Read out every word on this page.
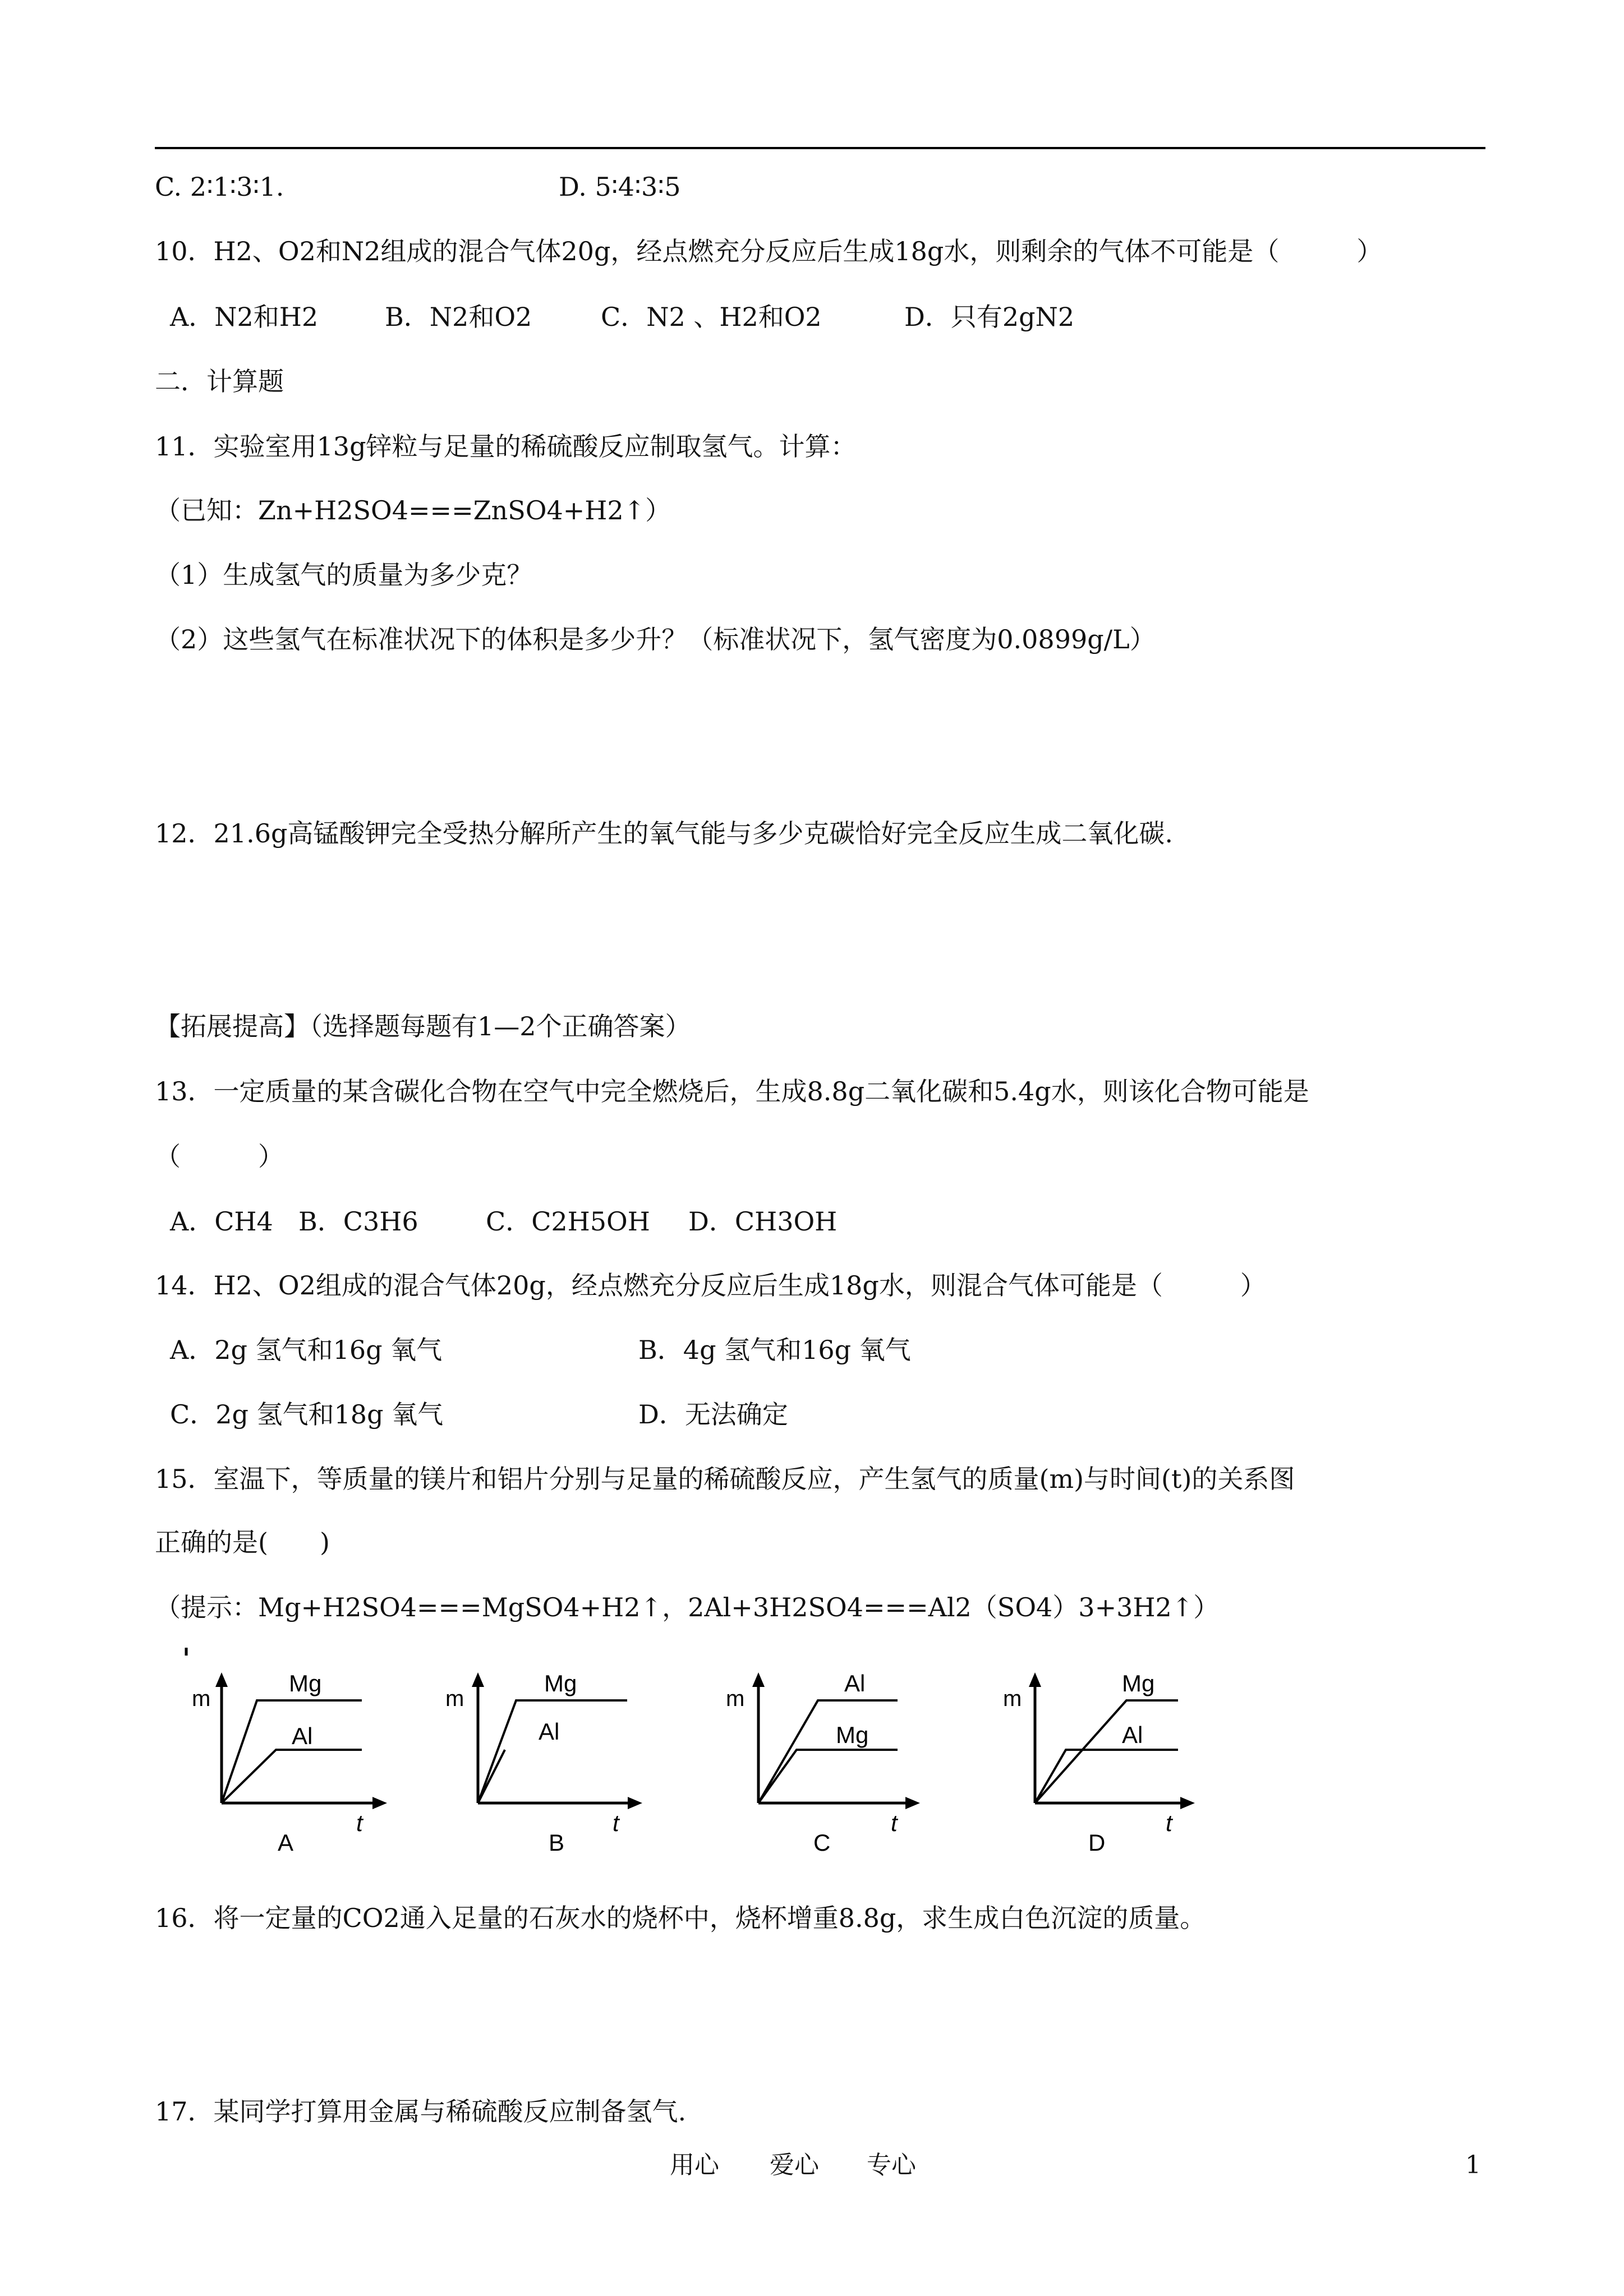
C. 2∶1∶3∶1.	D. 5∶4∶3∶5
10．H2、O2和N2组成的混合气体20g，经点燃充分反应后生成18g水，则剩余的气体不可能是（　　　）
A．N2和H2	B．N2和O2	C．N2 、H2和O2	D．只有2gN2
二．计算题
11．实验室用13g锌粒与足量的稀硫酸反应制取氢气。计算：
（已知：Zn+H2SO4===ZnSO4+H2↑）
（1）生成氢气的质量为多少克？
（2）这些氢气在标准状况下的体积是多少升？（标准状况下，氢气密度为0.0899g/L）
12．21.6g高锰酸钾完全受热分解所产生的氧气能与多少克碳恰好完全反应生成二氧化碳.
【拓展提高】（选择题每题有1—2个正确答案）
13．一定质量的某含碳化合物在空气中完全燃烧后，生成8.8g二氧化碳和5.4g水，则该化合物可能是
（　　　）
A．CH4 B．C3H6	C．C2H5OH D．CH3OH
14．H2、O2组成的混合气体20g，经点燃充分反应后生成18g水，则混合气体可能是（　　　）
A．2g 氢气和16g 氧气	B．4g 氢气和16g 氧气
C．2g 氢气和18g 氧气	D．无法确定
15．室温下，等质量的镁片和铝片分别与足量的稀硫酸反应，产生氢气的质量(m)与时间(t)的关系图
正确的是(　　)
（提示：Mg+H2SO4===MgSO4+H2↑，2Al+3H2SO4===Al2（SO4）3+3H2↑）
m
Mg
Al
t
A
m
Mg
Al
t
B
m
Al
Mg
t
C
m
Mg
Al
t
D
16．将一定量的CO2通入足量的石灰水的烧杯中，烧杯增重8.8g，求生成白色沉淀的质量。
17．某同学打算用金属与稀硫酸反应制备氢气.
用心 爱心 专心	1
